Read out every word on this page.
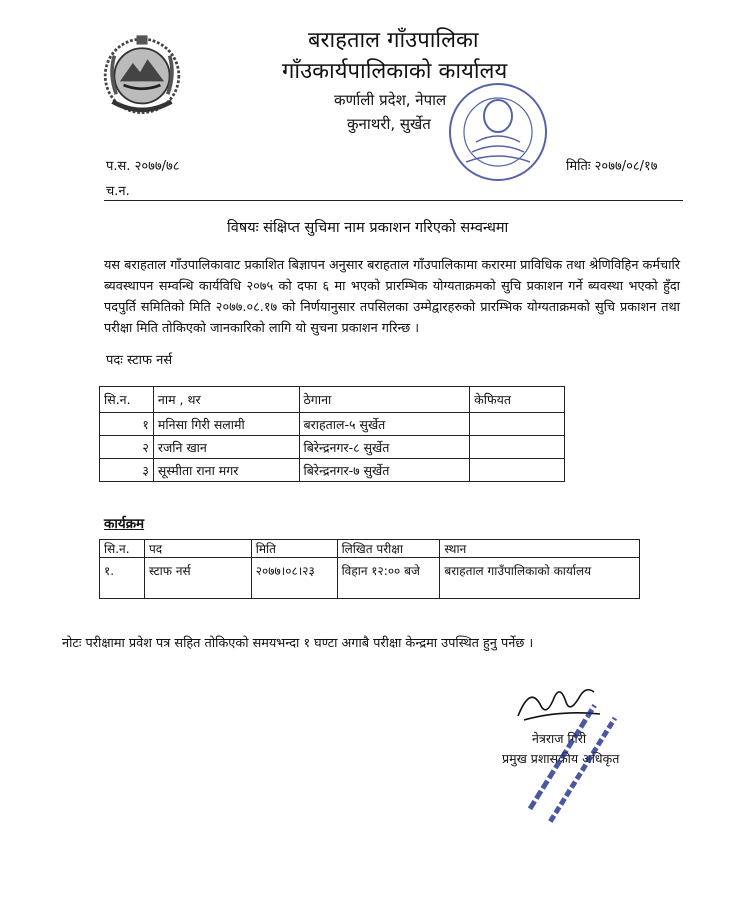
बराहताल गाँउपालिका
गाँउकार्यपालिकाको कार्यालय
कर्णाली प्रदेश, नेपाल
कुनाथरी, सुर्खेत
प.स. २०७७/७८
च.न.
मितिः २०७७/०८/१७
विषयः संक्षिप्त सुचिमा नाम प्रकाशन गरिएको सम्वन्धमा
यस बराहताल गाँउपालिकावाट प्रकाशित बिज्ञापन अनुसार बराहताल गाँउपालिकामा करारमा प्राविधिक तथा श्रेणिविहिन कर्मचारि ब्यवस्थापन सम्वन्धि कार्यविधि २०७५ को दफा ६ मा भएको प्रारम्भिक योग्यताक्रमको सुचि प्रकाशन गर्ने ब्यवस्था भएको हुँदा पदपुर्ति समितिको मिति २०७७.०८.१७ को निर्णयानुसार तपसिलका उम्मेद्वारहरुको प्रारम्भिक योग्यताक्रमको सुचि प्रकाशन तथा परीक्षा मिति तोकिएको जानकारिको लागि यो सुचना प्रकाशन गरिन्छ ।
पदः स्टाफ नर्स
सि.न.	नाम , थर	ठेगाना	केफियत
१	मनिसा गिरी सलामी	बराहताल-५ सुर्खेत	
२	रजनि खान	बिरेन्द्रनगर-८ सुर्खेत	
३	सूस्मीता राना मगर	बिरेन्द्रनगर-७ सुर्खेत	
कार्यक्रम
सि.न.	पद	मिति	लिखित परीक्षा	स्थान
१.	स्टाफ नर्स	२०७७।०८।२३	विहान १२:०० बजे	बराहताल गाउँपालिकाको कार्यालय
नोटः परीक्षामा प्रवेश पत्र सहित तोकिएको समयभन्दा १ घण्टा अगाबै परीक्षा केन्द्रमा उपस्थित हुनु पर्नेछ ।
नेत्रराज गिरी
प्रमुख प्रशासकीय अधिकृत
